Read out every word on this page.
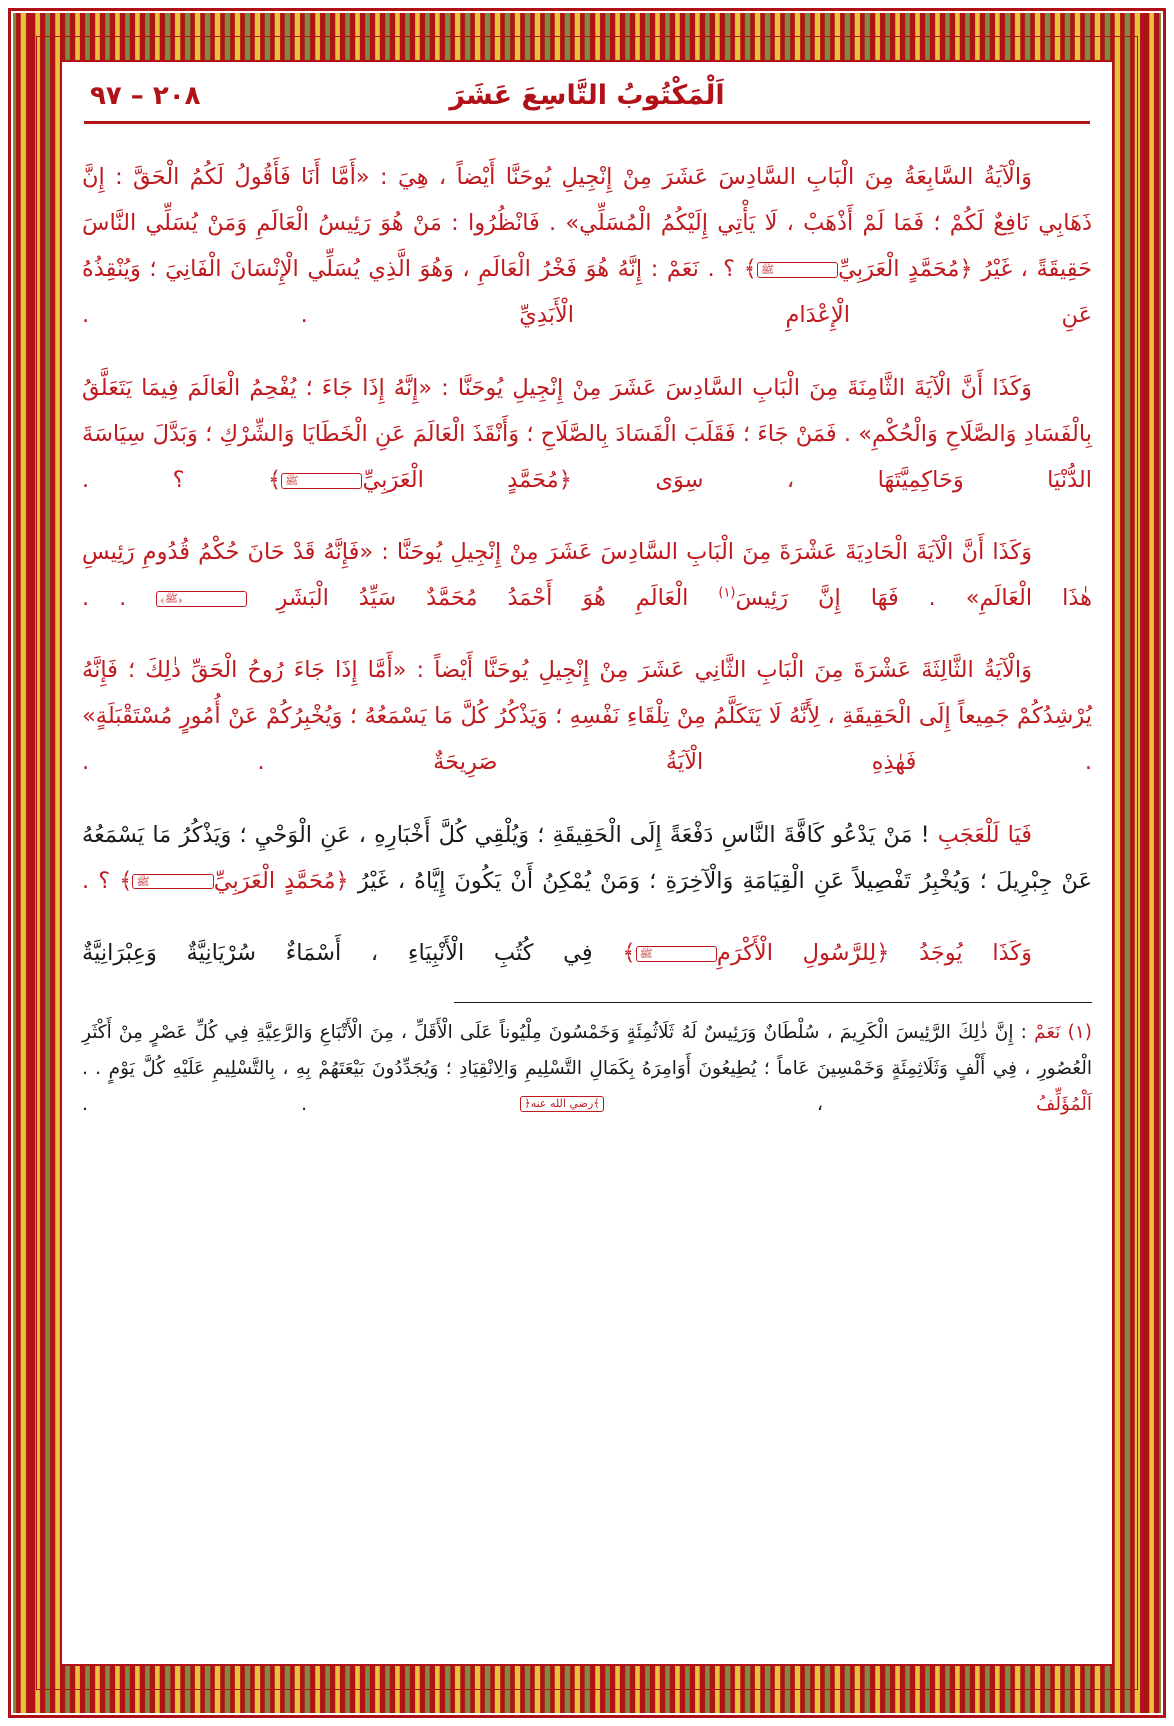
اَلْمَكْتُوبُ التَّاسِعَ عَشَرَ
٢٠٨ – ٩٧

وَالْآيَةُ السَّابِعَةُ مِنَ الْبَابِ السَّادِسَ عَشَرَ مِنْ إِنْجِيلِ يُوحَنَّا أَيْضاً ، هِيَ : «أَمَّا أَنَا فَأَقُولُ لَكُمُ الْحَقَّ : إِنَّ ذَهَابِي نَافِعٌ لَكُمْ ؛ فَمَا لَمْ أَذْهَبْ ، لَا يَأْتِي إِلَيْكُمُ الْمُسَلِّي» . فَانْظُرُوا : مَنْ هُوَ رَئِيسُ الْعَالَمِ وَمَنْ يُسَلِّي النَّاسَ حَقِيقَةً ، غَيْرُ ﴿مُحَمَّدٍ الْعَرَبِيِّﷺ﴾ ؟ . نَعَمْ : إِنَّهُ هُوَ فَخْرُ الْعَالَمِ ، وَهُوَ الَّذِي يُسَلِّي الْإِنْسَانَ الْفَانِيَ ؛ وَيُنْقِذُهُ عَنِ الْإِعْدَامِ الْأَبَدِيِّ . .

وَكَذَا أَنَّ الْآيَةَ الثَّامِنَةَ مِنَ الْبَابِ السَّادِسَ عَشَرَ مِنْ إِنْجِيلِ يُوحَنَّا : «إِنَّهُ إِذَا جَاءَ ؛ يُفْحِمُ الْعَالَمَ فِيمَا يَتَعَلَّقُ بِالْفَسَادِ وَالصَّلَاحِ وَالْحُكْمِ» . فَمَنْ جَاءَ ؛ فَقَلَبَ الْفَسَادَ بِالصَّلَاحِ ؛ وَأَنْقَذَ الْعَالَمَ عَنِ الْخَطَايَا وَالشِّرْكِ ؛ وَبَدَّلَ سِيَاسَةَ الدُّنْيَا وَحَاكِمِيَّتَهَا ، سِوَى ﴿مُحَمَّدٍ الْعَرَبِيِّﷺ﴾ ؟ .

وَكَذَا أَنَّ الْآيَةَ الْحَادِيَةَ عَشْرَةَ مِنَ الْبَابِ السَّادِسَ عَشَرَ مِنْ إِنْجِيلِ يُوحَنَّا : «فَإِنَّهُ قَدْ حَانَ حُكْمُ قُدُومِ رَئِيسِ هٰذَا الْعَالَمِ» . فَهَا إِنَّ رَئِيسَ$^{(١)}$ الْعَالَمِ هُوَ أَحْمَدُ مُحَمَّدٌ سَيِّدُ الْبَشَرِ ﴿ﷺ﴾ . .

وَالْآيَةُ الثَّالِثَةَ عَشْرَةَ مِنَ الْبَابِ الثَّانِي عَشَرَ مِنْ إِنْجِيلِ يُوحَنَّا أَيْضاً : «أَمَّا إِذَا جَاءَ رُوحُ الْحَقِّ ذٰلِكَ ؛ فَإِنَّهُ يُرْشِدُكُمْ جَمِيعاً إِلَى الْحَقِيقَةِ ، لِأَنَّهُ لَا يَتَكَلَّمُ مِنْ تِلْقَاءِ نَفْسِهِ ؛ وَيَذْكُرُ كُلَّ مَا يَسْمَعُهُ ؛ وَيُخْبِرُكُمْ عَنْ أُمُورٍ مُسْتَقْبَلَةٍ» . فَهٰذِهِ الْآيَةُ صَرِيحَةٌ . .

فَيَا لَلْعَجَبِ ! مَنْ يَدْعُو كَافَّةَ النَّاسِ دَفْعَةً إِلَى الْحَقِيقَةِ ؛ وَيُلْقِي كُلَّ أَخْبَارِهِ ، عَنِ الْوَحْيِ ؛ وَيَذْكُرُ مَا يَسْمَعُهُ عَنْ جِبْرِيلَ ؛ وَيُخْبِرُ تَفْصِيلاً عَنِ الْقِيَامَةِ وَالْآخِرَةِ ؛ وَمَنْ يُمْكِنُ أَنْ يَكُونَ إِيَّاهُ ، غَيْرُ ﴿مُحَمَّدٍ الْعَرَبِيِّﷺ﴾ ؟ .

وَكَذَا يُوجَدُ ﴿لِلرَّسُولِ الْأَكْرَمِﷺ﴾ فِي كُتُبِ الْأَنْبِيَاءِ ، أَسْمَاءٌ سُرْيَانِيَّةٌ وَعِبْرَانِيَّةٌ

(١) نَعَمْ : إِنَّ ذٰلِكَ الرَّئِيسَ الْكَرِيمَ ، سُلْطَانٌ وَرَئِيسٌ لَهُ ثَلَاثُمِئَةٍ وَخَمْسُونَ مِلْيُوناً عَلَى الْأَقَلِّ ، مِنَ الْأَتْبَاعِ وَالرَّعِيَّةِ فِي كُلِّ عَصْرٍ مِنْ أَكْثَرِ الْعُصُورِ ، فِي أَلْفٍ وَثَلَاثِمِئَةٍ وَخَمْسِينَ عَاماً ؛ يُطِيعُونَ أَوَامِرَهُ بِكَمَالِ التَّسْلِيمِ وَالِانْقِيَادِ ؛ وَيُجَدِّدُونَ بَيْعَتَهُمْ بِهِ ، بِالتَّسْلِيمِ عَلَيْهِ كُلَّ يَوْمٍ . . اَلْمُؤَلِّفُ ، ﴾رضي الله عنه﴿ . .
